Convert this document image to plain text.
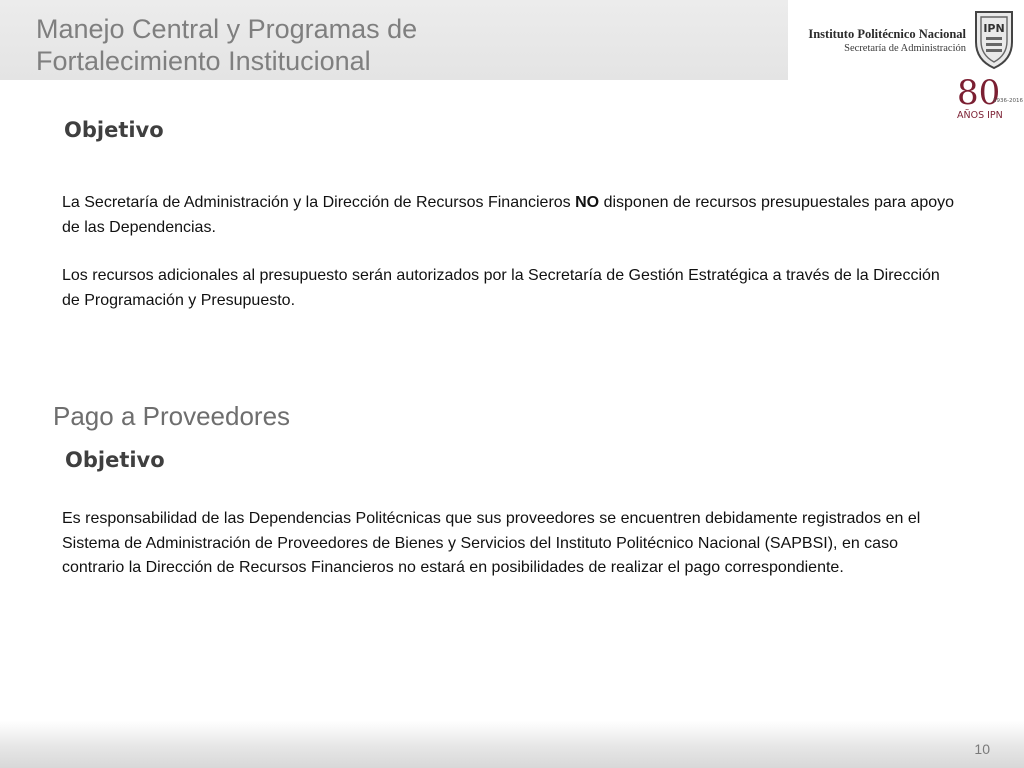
Manejo Central y Programas de
Fortalecimiento Institucional
Instituto Politécnico Nacional
Secretaría de Administración
IPN
80
1936-2016
AÑOS IPN
Objetivo

La Secretaría de Administración y la Dirección de Recursos Financieros NO disponen de recursos presupuestales para apoyo de las Dependencias.

Los recursos adicionales al presupuesto serán autorizados por la Secretaría de Gestión Estratégica a través de la Dirección de Programación y Presupuesto.

Pago a Proveedores
Objetivo

Es responsabilidad de las Dependencias Politécnicas que sus proveedores se encuentren debidamente registrados en el Sistema de Administración de Proveedores de Bienes y Servicios del Instituto Politécnico Nacional (SAPBSI), en caso contrario la Dirección de Recursos Financieros no estará en posibilidades de realizar el pago correspondiente.

10
